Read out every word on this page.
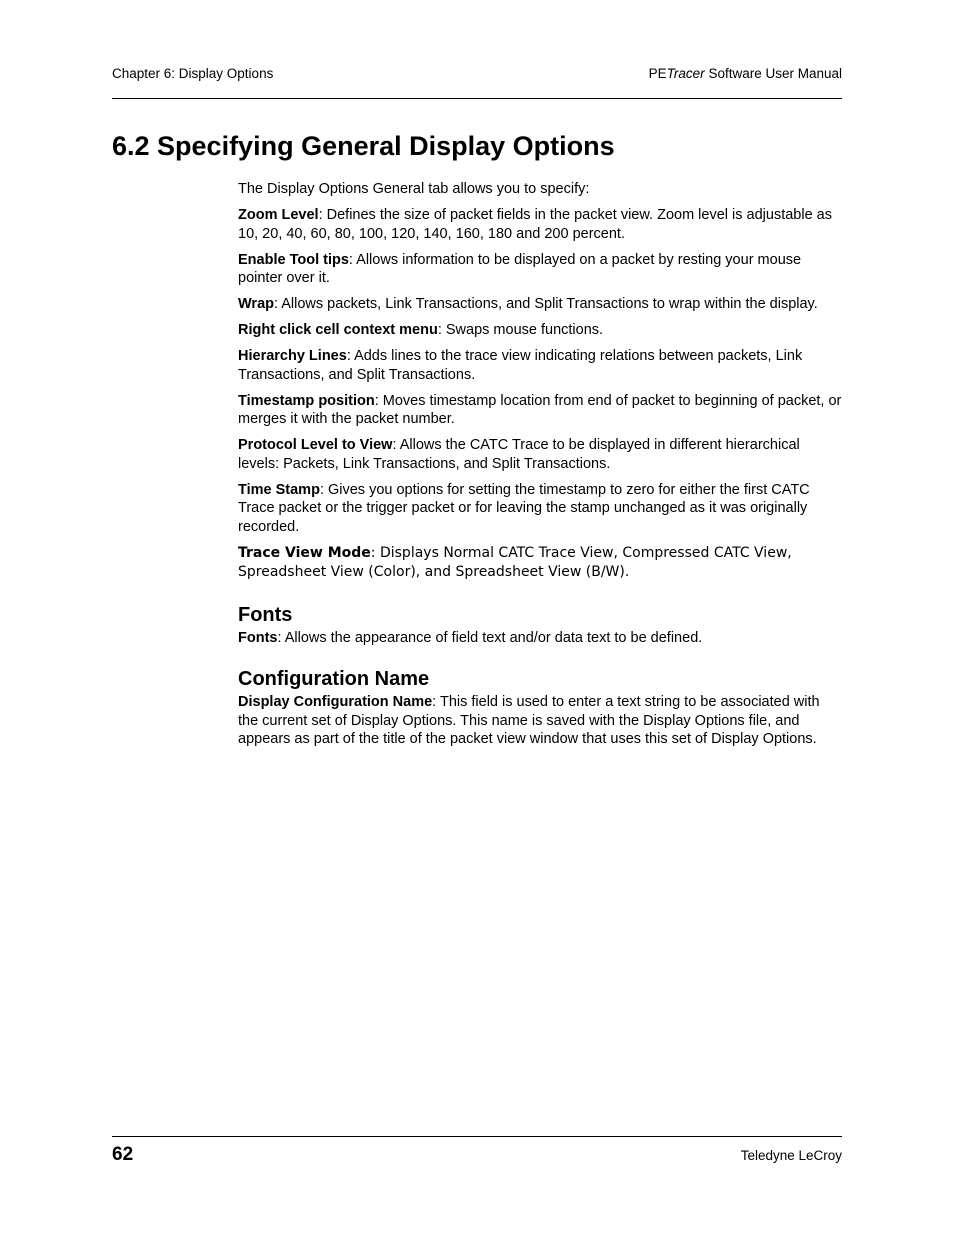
Chapter 6: Display Options	PETracer Software User Manual
6.2 Specifying General Display Options

The Display Options General tab allows you to specify:

Zoom Level: Defines the size of packet fields in the packet view. Zoom level is adjustable as 10, 20, 40, 60, 80, 100, 120, 140, 160, 180 and 200 percent.

Enable Tool tips: Allows information to be displayed on a packet by resting your mouse pointer over it.

Wrap: Allows packets, Link Transactions, and Split Transactions to wrap within the display.

Right click cell context menu: Swaps mouse functions.

Hierarchy Lines: Adds lines to the trace view indicating relations between packets, Link Transactions, and Split Transactions.

Timestamp position: Moves timestamp location from end of packet to beginning of packet, or merges it with the packet number.

Protocol Level to View: Allows the CATC Trace to be displayed in different hierarchical levels: Packets, Link Transactions, and Split Transactions.

Time Stamp: Gives you options for setting the timestamp to zero for either the first CATC Trace packet or the trigger packet or for leaving the stamp unchanged as it was originally recorded.

Trace View Mode: Displays Normal CATC Trace View, Compressed CATC View, Spreadsheet View (Color), and Spreadsheet View (B/W).

Fonts

Fonts: Allows the appearance of field text and/or data text to be defined.

Configuration Name

Display Configuration Name: This field is used to enter a text string to be associated with the current set of Display Options. This name is saved with the Display Options file, and appears as part of the title of the packet view window that uses this set of Display Options.

62	Teledyne LeCroy
